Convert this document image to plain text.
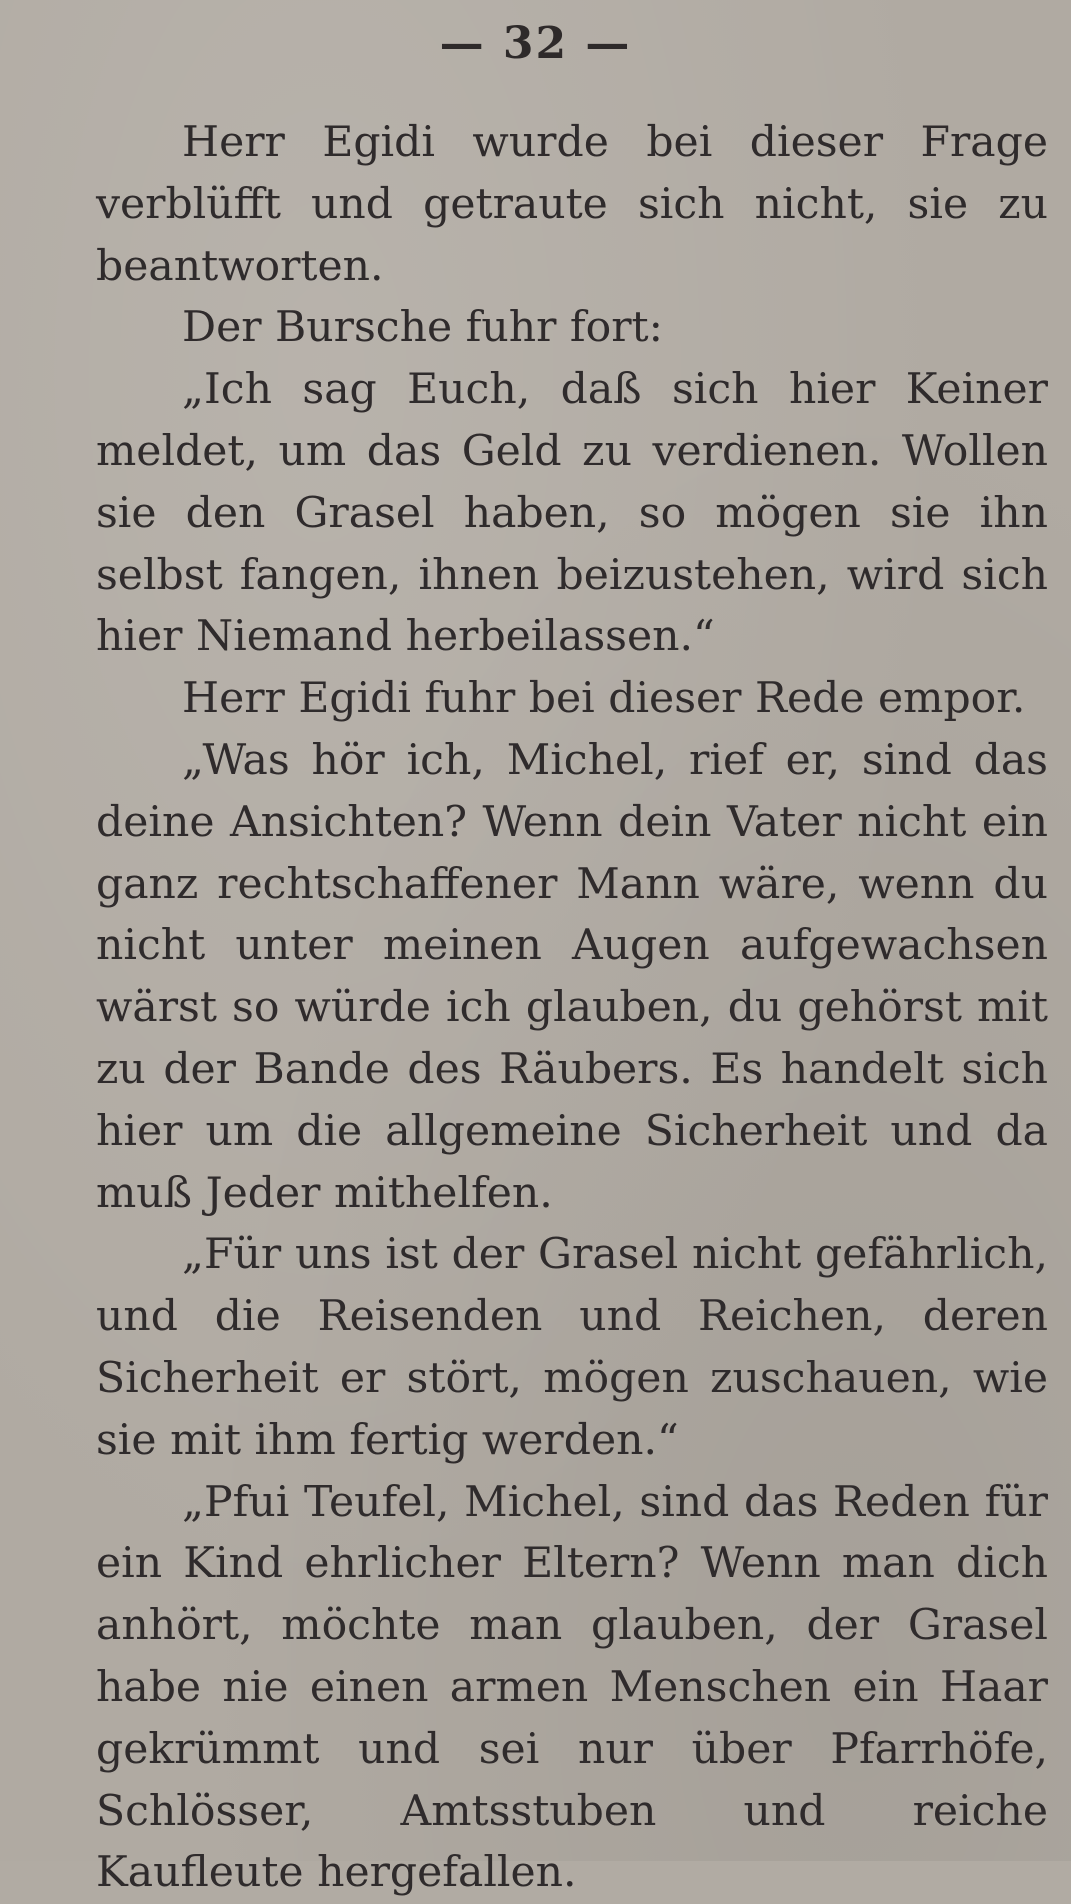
— 32 —

Herr Egidi wurde bei dieser Frage verblüfft und getraute sich nicht, sie zu beantworten.

Der Bursche fuhr fort:

„Ich sag Euch, daß sich hier Keiner meldet, um das Geld zu verdienen. Wollen sie den Grasel haben, so mögen sie ihn selbst fangen, ihnen beizustehen, wird sich hier Niemand herbeilassen.“

Herr Egidi fuhr bei dieser Rede empor.

„Was hör ich, Michel, rief er, sind das deine Ansichten? Wenn dein Vater nicht ein ganz rechtschaffener Mann wäre, wenn du nicht unter meinen Augen aufgewachsen wärst so würde ich glauben, du gehörst mit zu der Bande des Räubers. Es handelt sich hier um die allgemeine Sicherheit und da muß Jeder mithelfen.

„Für uns ist der Grasel nicht gefährlich, und die Reisenden und Reichen, deren Sicherheit er stört, mögen zuschauen, wie sie mit ihm fertig werden.“

„Pfui Teufel, Michel, sind das Reden für ein Kind ehrlicher Eltern? Wenn man dich anhört, möchte man glauben, der Grasel habe nie einen armen Menschen ein Haar gekrümmt und sei nur über Pfarrhöfe, Schlösser, Amtsstuben und reiche Kaufleute hergefallen.
